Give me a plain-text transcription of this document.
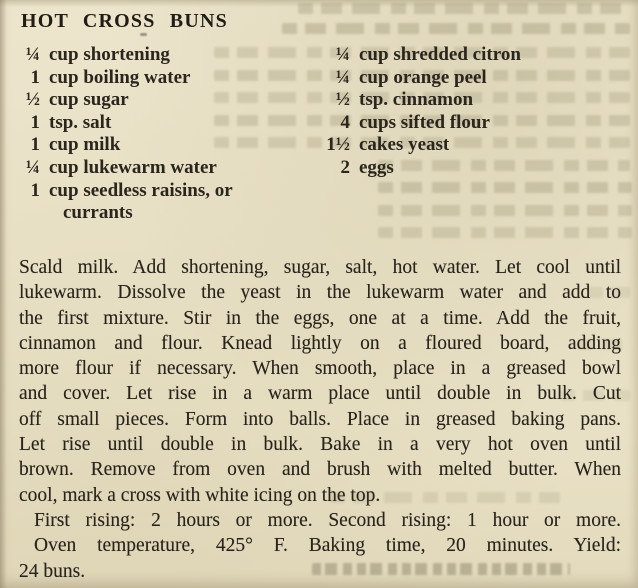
HOT CROSS BUNS
¼ cup shortening
1 cup boiling water
½ cup sugar
1 tsp. salt
1 cup milk
¼ cup lukewarm water
1 cup seedless raisins, or
currants
¼ cup shredded citron
¼ cup orange peel
½ tsp. cinnamon
4 cups sifted flour
1½ cakes yeast
2 eggs
Scald milk. Add shortening, sugar, salt, hot water. Let cool until
lukewarm. Dissolve the yeast in the lukewarm water and add to
the first mixture. Stir in the eggs, one at a time. Add the fruit,
cinnamon and flour. Knead lightly on a floured board, adding
more flour if necessary. When smooth, place in a greased bowl
and cover. Let rise in a warm place until double in bulk. Cut
off small pieces. Form into balls. Place in greased baking pans.
Let rise until double in bulk. Bake in a very hot oven until
brown. Remove from oven and brush with melted butter. When
cool, mark a cross with white icing on the top.
First rising: 2 hours or more. Second rising: 1 hour or more.
Oven temperature, 425° F. Baking time, 20 minutes. Yield:
24 buns.
